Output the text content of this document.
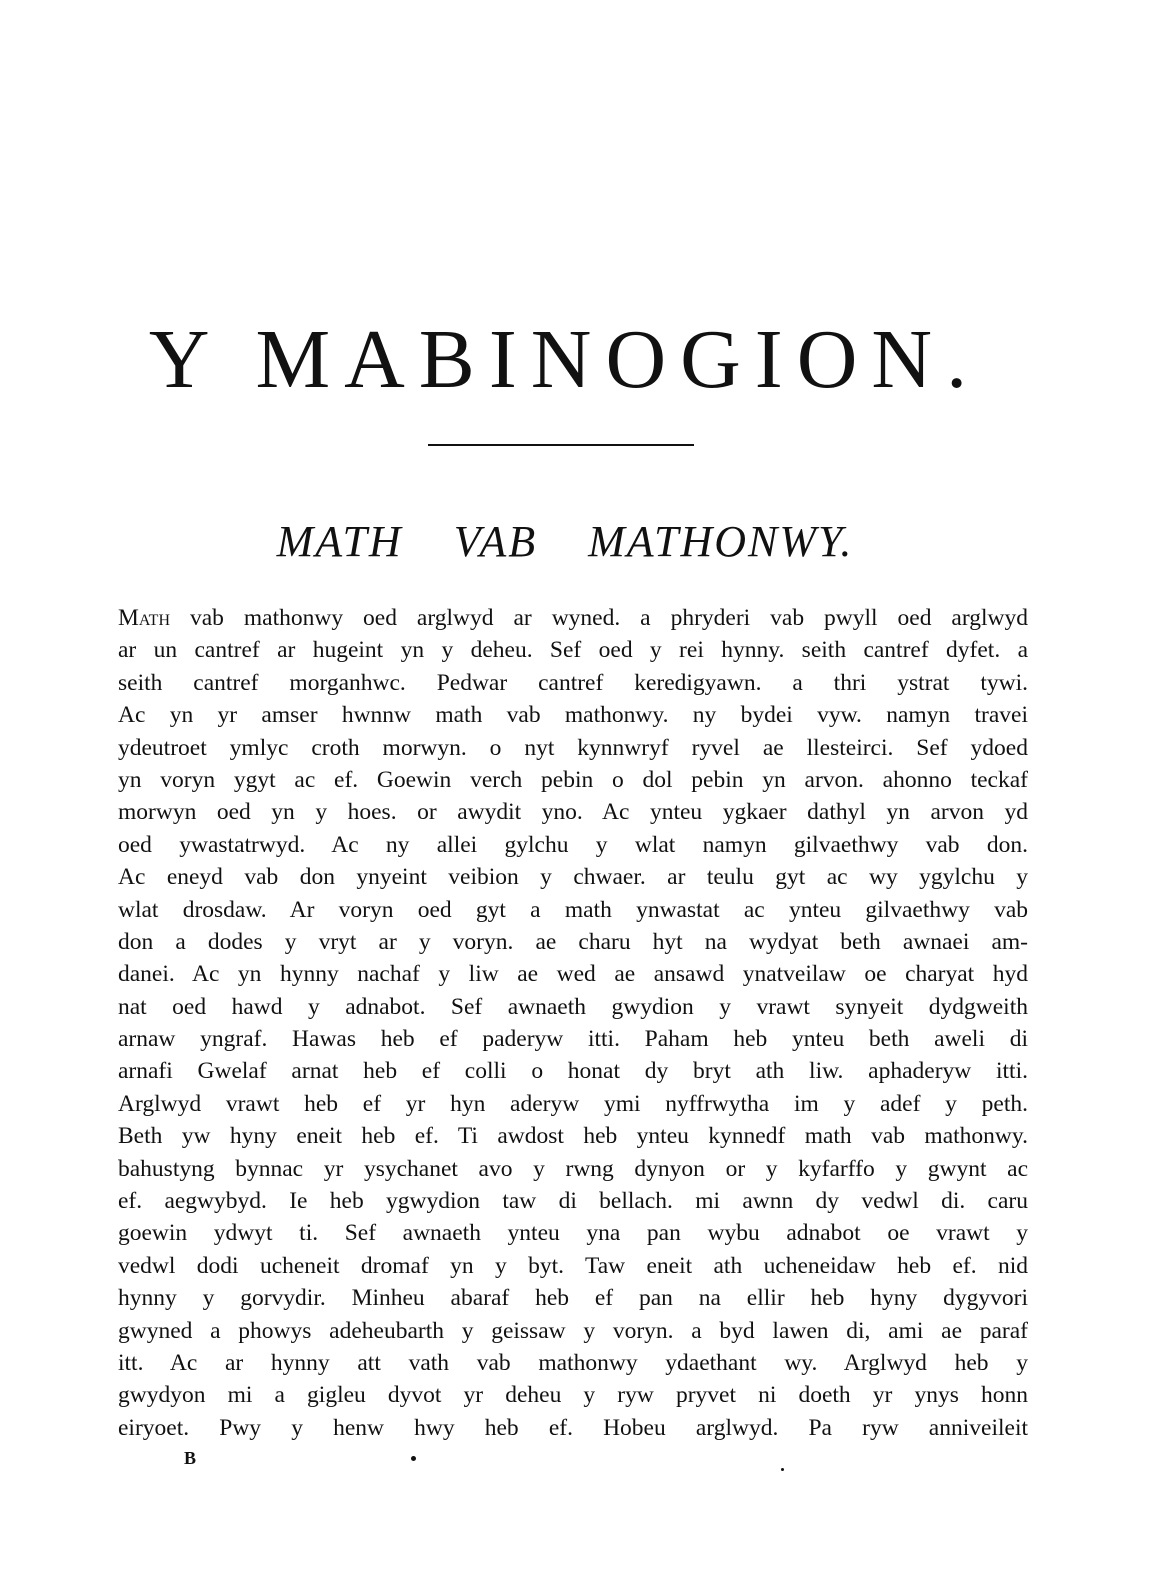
Y MABINOGION.
MATH VAB MATHONWY.
Math vab mathonwy oed arglwyd ar wyned. a phryderi vab pwyll oed arglwyd
ar un cantref ar hugeint yn y deheu. Sef oed y rei hynny. seith cantref dyfet. a
seith cantref morganhwc. Pedwar cantref keredigyawn. a thri ystrat tywi.
Ac yn yr amser hwnnw math vab mathonwy. ny bydei vyw. namyn travei
ydeutroet ymlyc croth morwyn. o nyt kynnwryf ryvel ae llesteirci. Sef ydoed
yn voryn ygyt ac ef. Goewin verch pebin o dol pebin yn arvon. ahonno teckaf
morwyn oed yn y hoes. or awydit yno. Ac ynteu ygkaer dathyl yn arvon yd
oed ywastatrwyd. Ac ny allei gylchu y wlat namyn gilvaethwy vab don.
Ac eneyd vab don ynyeint veibion y chwaer. ar teulu gyt ac wy ygylchu y
wlat drosdaw. Ar voryn oed gyt a math ynwastat ac ynteu gilvaethwy vab
don a dodes y vryt ar y voryn. ae charu hyt na wydyat beth awnaei am-
danei. Ac yn hynny nachaf y liw ae wed ae ansawd ynatveilaw oe charyat hyd
nat oed hawd y adnabot. Sef awnaeth gwydion y vrawt synyeit dydgweith
arnaw yngraf. Hawas heb ef paderyw itti. Paham heb ynteu beth aweli di
arnafi Gwelaf arnat heb ef colli o honat dy bryt ath liw. aphaderyw itti.
Arglwyd vrawt heb ef yr hyn aderyw ymi nyffrwytha im y adef y peth.
Beth yw hyny eneit heb ef. Ti awdost heb ynteu kynnedf math vab mathonwy.
bahustyng bynnac yr ysychanet avo y rwng dynyon or y kyfarffo y gwynt ac
ef. aegwybyd. Ie heb ygwydion taw di bellach. mi awnn dy vedwl di. caru
goewin ydwyt ti. Sef awnaeth ynteu yna pan wybu adnabot oe vrawt y
vedwl dodi ucheneit dromaf yn y byt. Taw eneit ath ucheneidaw heb ef. nid
hynny y gorvydir. Minheu abaraf heb ef pan na ellir heb hyny dygyvori
gwyned a phowys adeheubarth y geissaw y voryn. a byd lawen di, ami ae paraf
itt. Ac ar hynny att vath vab mathonwy ydaethant wy. Arglwyd heb y
gwydyon mi a gigleu dyvot yr deheu y ryw pryvet ni doeth yr ynys honn
eiryoet. Pwy y henw hwy heb ef. Hobeu arglwyd. Pa ryw anniveileit
B
